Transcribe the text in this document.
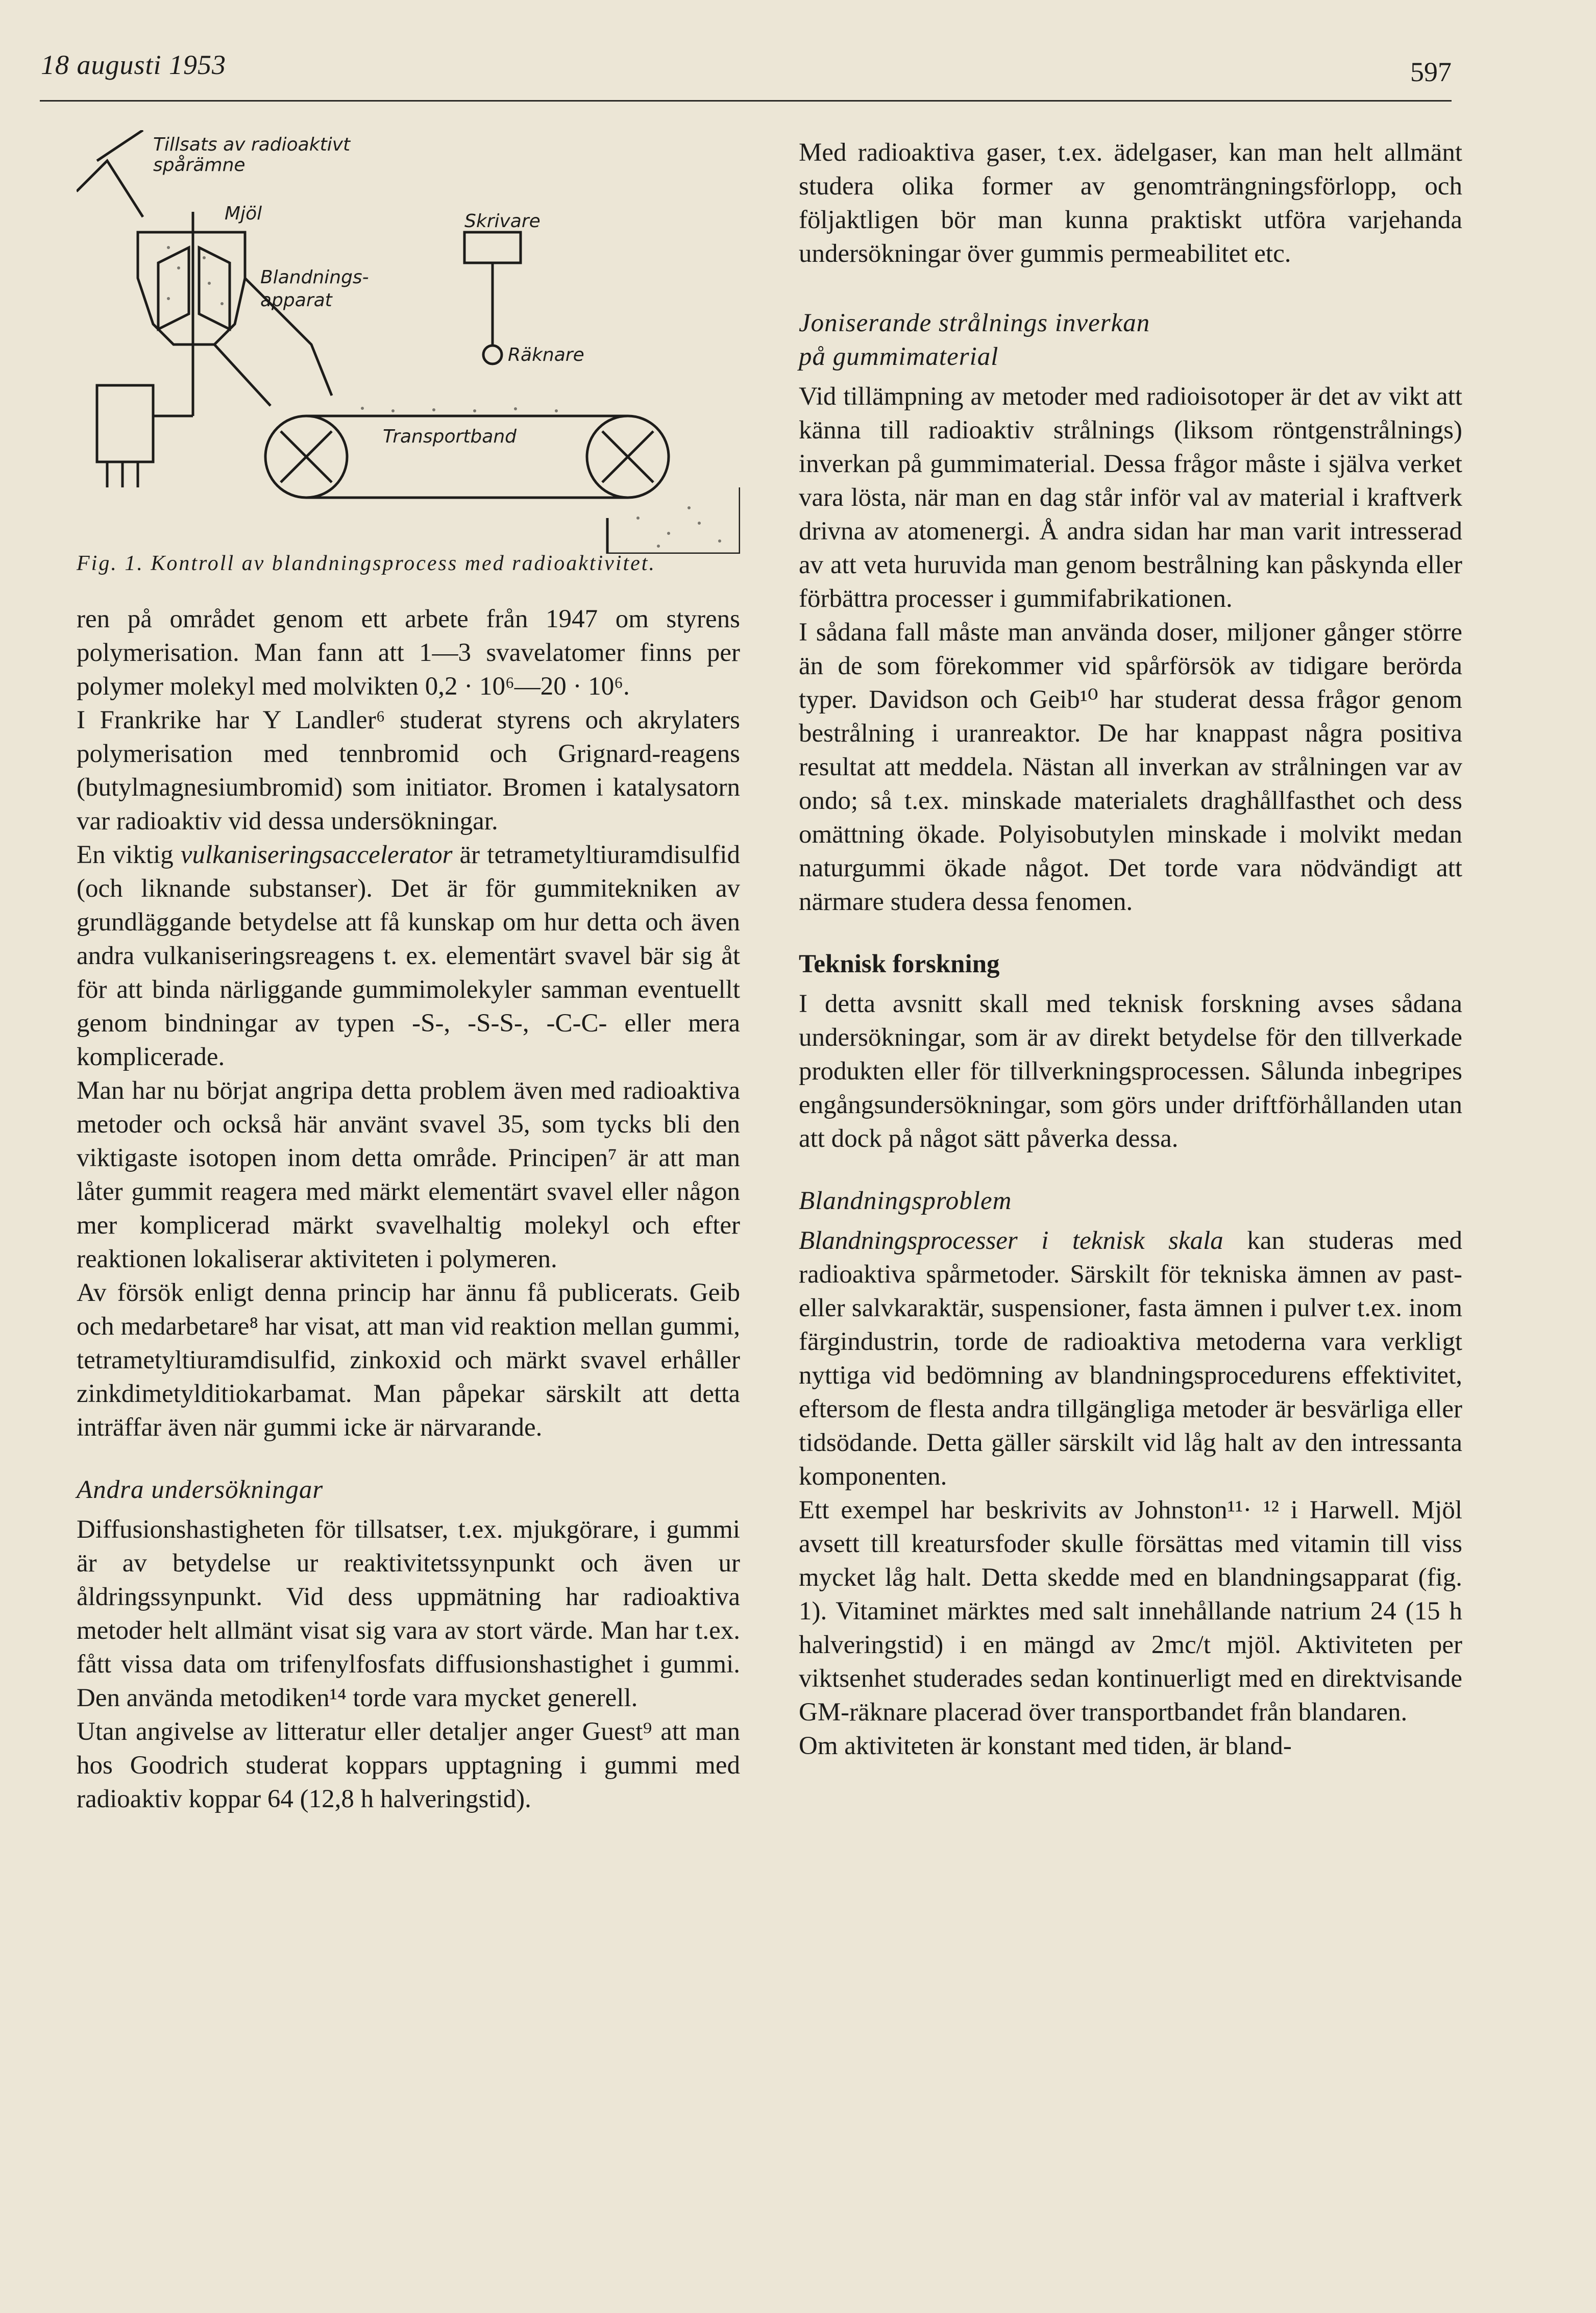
18 augusti 1953	597
Tillsats av radioaktivt
spårämne
Mjöl
Blandnings-
apparat
Skrivare
Räknare
Transportband
Fig. 1. Kontroll av blandningsprocess med radioaktivitet.

ren på området genom ett arbete från 1947 om styrens polymerisation. Man fann att 1—3 svavelatomer finns per polymer molekyl med molvikten 0,2 · 10⁶—20 · 10⁶.

I Frankrike har Y Landler⁶ studerat styrens och akrylaters polymerisation med tennbromid och Grignard-reagens (butylmagnesiumbromid) som initiator. Bromen i katalysatorn var radioaktiv vid dessa undersökningar.

En viktig vulkaniseringsaccelerator är tetrametyltiuramdisulfid (och liknande substanser). Det är för gummitekniken av grundläggande betydelse att få kunskap om hur detta och även andra vulkaniseringsreagens t. ex. elementärt svavel bär sig åt för att binda närliggande gummimolekyler samman eventuellt genom bindningar av typen -S-, -S-S-, -C-C- eller mera komplicerade.

Man har nu börjat angripa detta problem även med radioaktiva metoder och också här använt svavel 35, som tycks bli den viktigaste isotopen inom detta område. Principen⁷ är att man låter gummit reagera med märkt elementärt svavel eller någon mer komplicerad märkt svavelhaltig molekyl och efter reaktionen lokaliserar aktiviteten i polymeren.

Av försök enligt denna princip har ännu få publicerats. Geib och medarbetare⁸ har visat, att man vid reaktion mellan gummi, tetrametyltiuramdisulfid, zinkoxid och märkt svavel erhåller zinkdimetylditiokarbamat. Man påpekar särskilt att detta inträffar även när gummi icke är närvarande.

Andra undersökningar

Diffusionshastigheten för tillsatser, t.ex. mjukgörare, i gummi är av betydelse ur reaktivitetssynpunkt och även ur åldringssynpunkt. Vid dess uppmätning har radioaktiva metoder helt allmänt visat sig vara av stort värde. Man har t.ex. fått vissa data om trifenylfosfats diffusionshastighet i gummi. Den använda metodiken¹⁴ torde vara mycket generell.

Utan angivelse av litteratur eller detaljer anger Guest⁹ att man hos Goodrich studerat koppars upptagning i gummi med radioaktiv koppar 64 (12,8 h halveringstid).

Med radioaktiva gaser, t.ex. ädelgaser, kan man helt allmänt studera olika former av genomträngningsförlopp, och följaktligen bör man kunna praktiskt utföra varjehanda undersökningar över gummis permeabilitet etc.

Joniserande strålnings inverkan
på gummimaterial

Vid tillämpning av metoder med radioisotoper är det av vikt att känna till radioaktiv strålnings (liksom röntgenstrålnings) inverkan på gummimaterial. Dessa frågor måste i själva verket vara lösta, när man en dag står inför val av material i kraftverk drivna av atomenergi. Å andra sidan har man varit intresserad av att veta huruvida man genom bestrålning kan påskynda eller förbättra processer i gummifabrikationen.

I sådana fall måste man använda doser, miljoner gånger större än de som förekommer vid spårförsök av tidigare berörda typer. Davidson och Geib¹⁰ har studerat dessa frågor genom bestrålning i uranreaktor. De har knappast några positiva resultat att meddela. Nästan all inverkan av strålningen var av ondo; så t.ex. minskade materialets draghållfasthet och dess omättning ökade. Polyisobutylen minskade i molvikt medan naturgummi ökade något. Det torde vara nödvändigt att närmare studera dessa fenomen.

Teknisk forskning

I detta avsnitt skall med teknisk forskning avses sådana undersökningar, som är av direkt betydelse för den tillverkade produkten eller för tillverkningsprocessen. Sålunda inbegripes engångsundersökningar, som görs under driftförhållanden utan att dock på något sätt påverka dessa.

Blandningsproblem

Blandningsprocesser i teknisk skala kan studeras med radioaktiva spårmetoder. Särskilt för tekniska ämnen av past- eller salvkaraktär, suspensioner, fasta ämnen i pulver t.ex. inom färgindustrin, torde de radioaktiva metoderna vara verkligt nyttiga vid bedömning av blandningsprocedurens effektivitet, eftersom de flesta andra tillgängliga metoder är besvärliga eller tidsödande. Detta gäller särskilt vid låg halt av den intressanta komponenten.

Ett exempel har beskrivits av Johnston¹¹· ¹² i Harwell. Mjöl avsett till kreatursfoder skulle försättas med vitamin till viss mycket låg halt. Detta skedde med en blandningsapparat (fig. 1). Vitaminet märktes med salt innehållande natrium 24 (15 h halveringstid) i en mängd av 2mc/t mjöl. Aktiviteten per viktsenhet studerades sedan kontinuerligt med en direktvisande GM-räknare placerad över transportbandet från blandaren.

Om aktiviteten är konstant med tiden, är bland-
